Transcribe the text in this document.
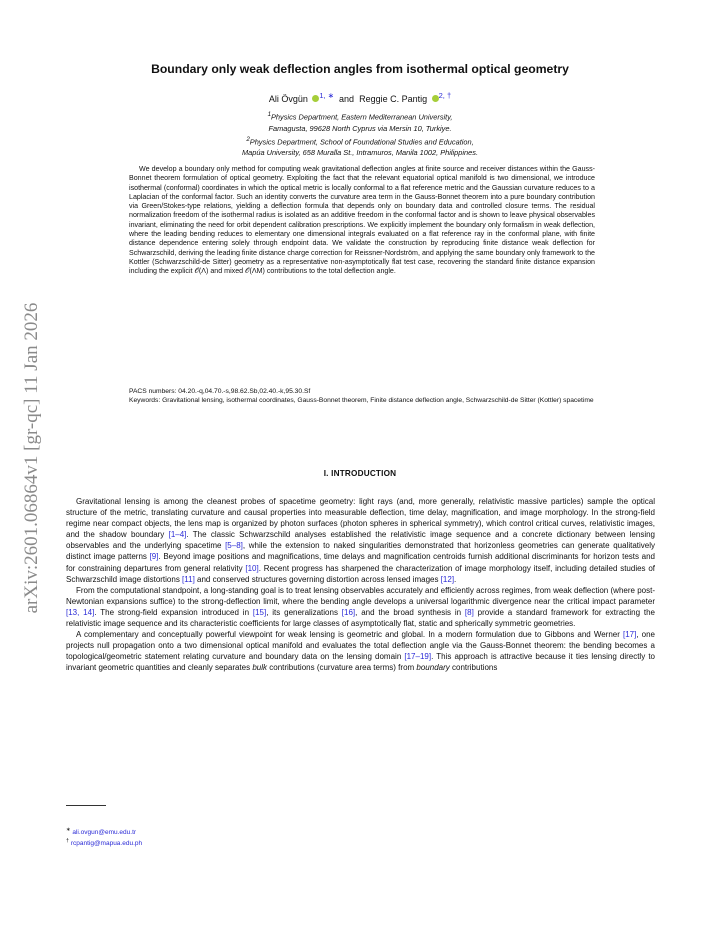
arXiv:2601.06864v1 [gr-qc] 11 Jan 2026
Boundary only weak deflection angles from isothermal optical geometry
Ali Övgün $^{1, ∗}$ and Reggie C. Pantig $^{2, \dagger}$
$^1$Physics Department, Eastern Mediterranean University,
Famagusta, 99628 North Cyprus via Mersin 10, Turkiye.
$^2$Physics Department, School of Foundational Studies and Education,
Mapúa University, 658 Muralla St., Intramuros, Manila 1002, Philippines.
We develop a boundary only method for computing weak gravitational deflection angles at finite source and receiver distances within the Gauss-Bonnet theorem formulation of optical geometry. Exploiting the fact that the relevant equatorial optical manifold is two dimensional, we introduce isothermal (conformal) coordinates in which the optical metric is locally conformal to a flat reference metric and the Gaussian curvature reduces to a Laplacian of the conformal factor. Such an identity converts the curvature area term in the Gauss-Bonnet theorem into a pure boundary contribution via Green/Stokes-type relations, yielding a deflection formula that depends only on boundary data and controlled closure terms. The residual normalization freedom of the isothermal radius is isolated as an additive freedom in the conformal factor and is shown to leave physical observables invariant, eliminating the need for orbit dependent calibration prescriptions. We explicitly implement the boundary only formalism in weak deflection, where the leading bending reduces to elementary one dimensional integrals evaluated on a flat reference ray in the conformal plane, with finite distance dependence entering solely through endpoint data. We validate the construction by reproducing finite distance weak deflection for Schwarzschild, deriving the leading finite distance charge correction for Reissner-Nordström, and applying the same boundary only framework to the Kottler (Schwarzschild-de Sitter) geometry as a representative non-asymptotically flat test case, recovering the standard finite distance expansion including the explicit 𝒪(Λ) and mixed 𝒪(ΛM) contributions to the total deflection angle.
PACS numbers: 04.20.-q,04.70.-s,98.62.Sb,02.40.-k,95.30.Sf
Keywords: Gravitational lensing, isothermal coordinates, Gauss-Bonnet theorem, Finite distance deflection angle, Schwarzschild-de Sitter (Kottler) spacetime
I. INTRODUCTION

Gravitational lensing is among the cleanest probes of spacetime geometry: light rays (and, more generally, relativistic massive particles) sample the optical structure of the metric, translating curvature and causal properties into measurable deflection, time delay, magnification, and image morphology. In the strong-field regime near compact objects, the lens map is organized by photon surfaces (photon spheres in spherical symmetry), which control critical curves, relativistic images, and the shadow boundary [1–4]. The classic Schwarzschild analyses established the relativistic image sequence and a concrete dictionary between lensing observables and the underlying spacetime [5–8], while the extension to naked singularities demonstrated that horizonless geometries can generate qualitatively distinct image patterns [9]. Beyond image positions and magnifications, time delays and magnification centroids furnish additional discriminants for horizon tests and for constraining departures from general relativity [10]. Recent progress has sharpened the characterization of image morphology itself, including detailed studies of Schwarzschild image distortions [11] and conserved structures governing distortion across lensed images [12].

From the computational standpoint, a long-standing goal is to treat lensing observables accurately and efficiently across regimes, from weak deflection (where post-Newtonian expansions suffice) to the strong-deflection limit, where the bending angle develops a universal logarithmic divergence near the critical impact parameter [13, 14]. The strong-field expansion introduced in [15], its generalizations [16], and the broad synthesis in [8] provide a standard framework for extracting the relativistic image sequence and its characteristic coefficients for large classes of asymptotically flat, static and spherically symmetric geometries.

A complementary and conceptually powerful viewpoint for weak lensing is geometric and global. In a modern formulation due to Gibbons and Werner [17], one projects null propagation onto a two dimensional optical manifold and evaluates the total deflection angle via the Gauss-Bonnet theorem: the bending becomes a topological/geometric statement relating curvature and boundary data on the lensing domain [17–19]. This approach is attractive because it ties lensing directly to invariant geometric quantities and cleanly separates bulk contributions (curvature area terms) from boundary contributions

∗ ali.ovgun@emu.edu.tr
† rcpantig@mapua.edu.ph
